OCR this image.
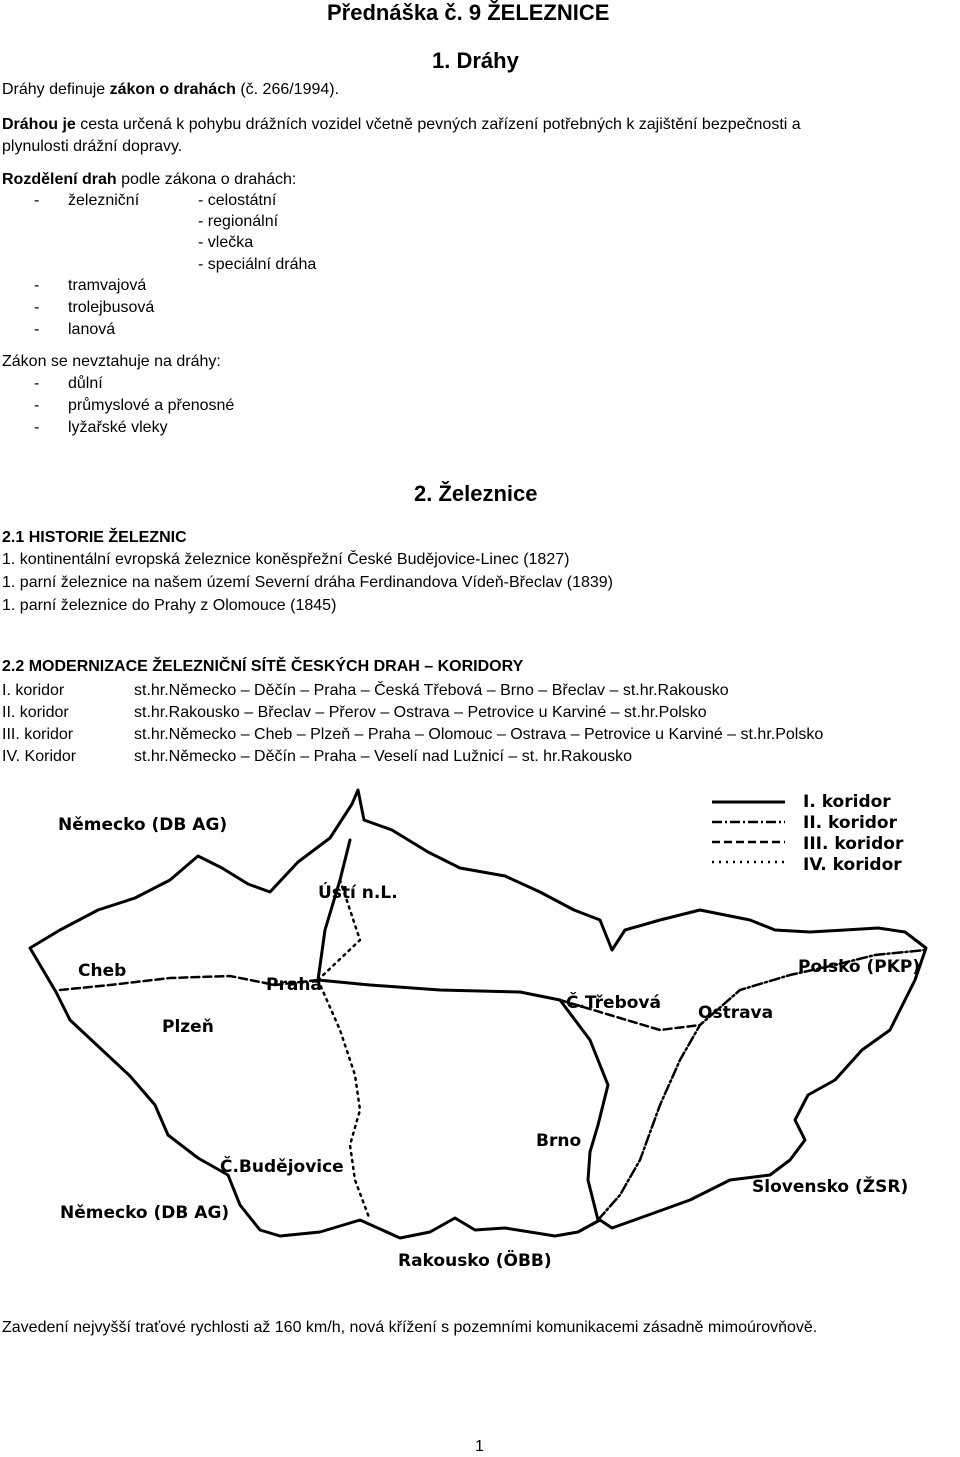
Přednáška č. 9 ŽELEZNICE
1. Dráhy
Dráhy definuje zákon o drahách (č. 266/1994).
Dráhou je cesta určená k pohybu drážních vozidel včetně pevných zařízení potřebných k zajištění bezpečnosti a
plynulosti drážní dopravy.
Rozdělení drah podle zákona o drahách:
- železniční	- celostátní
- regionální
- vlečka
- speciální dráha
- tramvajová
- trolejbusová
- lanová
Zákon se nevztahuje na dráhy:
- důlní
- průmyslové a přenosné
- lyžařské vleky
2. Železnice
2.1 HISTORIE ŽELEZNIC
1. kontinentální evropská železnice koněspřežní České Budějovice-Linec (1827)
1. parní železnice na našem území Severní dráha Ferdinandova Vídeň-Břeclav (1839)
1. parní železnice do Prahy z Olomouce (1845)
2.2 MODERNIZACE ŽELEZNIČNÍ SÍTĚ ČESKÝCH DRAH – KORIDORY
I. koridor	st.hr.Německo – Děčín – Praha – Česká Třebová – Brno – Břeclav – st.hr.Rakousko
II. koridor	st.hr.Rakousko – Břeclav – Přerov – Ostrava – Petrovice u Karviné – st.hr.Polsko
III. koridor	st.hr.Německo – Cheb – Plzeň – Praha – Olomouc – Ostrava – Petrovice u Karviné – st.hr.Polsko
IV. Koridor	st.hr.Německo – Děčín – Praha – Veselí nad Lužnicí – st. hr.Rakousko
I. koridor
II. koridor
III. koridor
IV. koridor
Německo (DB AG)
Ústí n.L.
Cheb
Praha
Plzeň
Č.Třebová Ostrava
Polsko (PKP)
Brno
Č.Budějovice
Slovensko (ŽSR)
Německo (DB AG)
Rakousko (ÖBB)
Zavedení nejvyšší traťové rychlosti až 160 km/h, nová křížení s pozemními komunikacemi zásadně mimoúrovňově.
1
